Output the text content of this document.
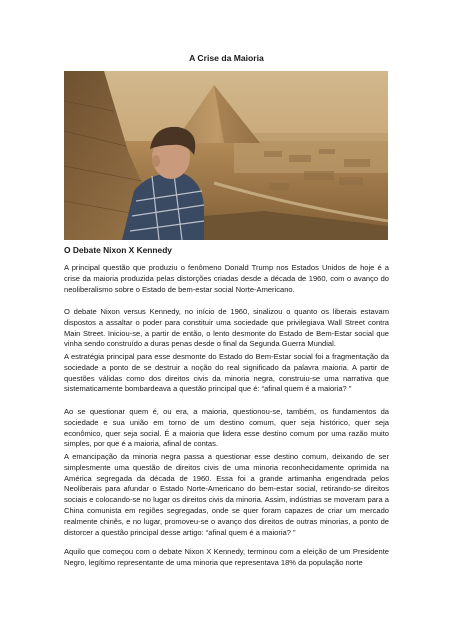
A Crise da Maioria
O Debate Nixon X Kennedy

A principal questão que produziu o fenômeno Donald Trump nos Estados Unidos de hoje é a crise da maioria produzida pelas distorções criadas desde a década de 1960, com o avanço do neoliberalismo sobre o Estado de bem-estar social Norte-Americano.

O debate Nixon versus Kennedy, no início de 1960, sinalizou o quanto os liberais estavam dispostos a assaltar o poder para constituir uma sociedade que privilegiava Wall Street contra Main Street. Iniciou-se, a partir de então, o lento desmonte do Estado de Bem-Estar social que vinha sendo construído a duras penas desde o final da Segunda Guerra Mundial.

A estratégia principal para esse desmonte do Estado do Bem-Estar social foi a fragmentação da sociedade a ponto de se destruir a noção do real significado da palavra maioria. A partir de questões válidas como dos direitos civis da minoria negra, construiu-se uma narrativa que sistematicamente bombardeava a questão principal que é: “afinal quem é a maioria? ”

Ao se questionar quem é, ou era, a maioria, questionou-se, também, os fundamentos da sociedade e sua união em torno de um destino comum, quer seja histórico, quer seja econômico, quer seja social. É a maioria que lidera esse destino comum por uma razão muito simples, por que é a maioria, afinal de contas.

A emancipação da minoria negra passa a questionar esse destino comum, deixando de ser simplesmente uma questão de direitos civis de uma minoria reconhecidamente oprimida na América segregada da década de 1960. Essa foi a grande artimanha engendrada pelos Neoliberais para afundar o Estado Norte-Americano do bem-estar social, retirando-se direitos sociais e colocando-se no lugar os direitos civis da minoria. Assim, indústrias se moveram para a China comunista em regiões segregadas, onde se quer foram capazes de criar um mercado realmente chinês, e no lugar, promoveu-se o avanço dos direitos de outras minorias, a ponto de distorcer a questão principal desse artigo: “afinal quem é a maioria? ”

Aquilo que começou com o debate Nixon X Kennedy, terminou com a eleição de um Presidente Negro, legítimo representante de uma minoria que representava 18% da população norte
